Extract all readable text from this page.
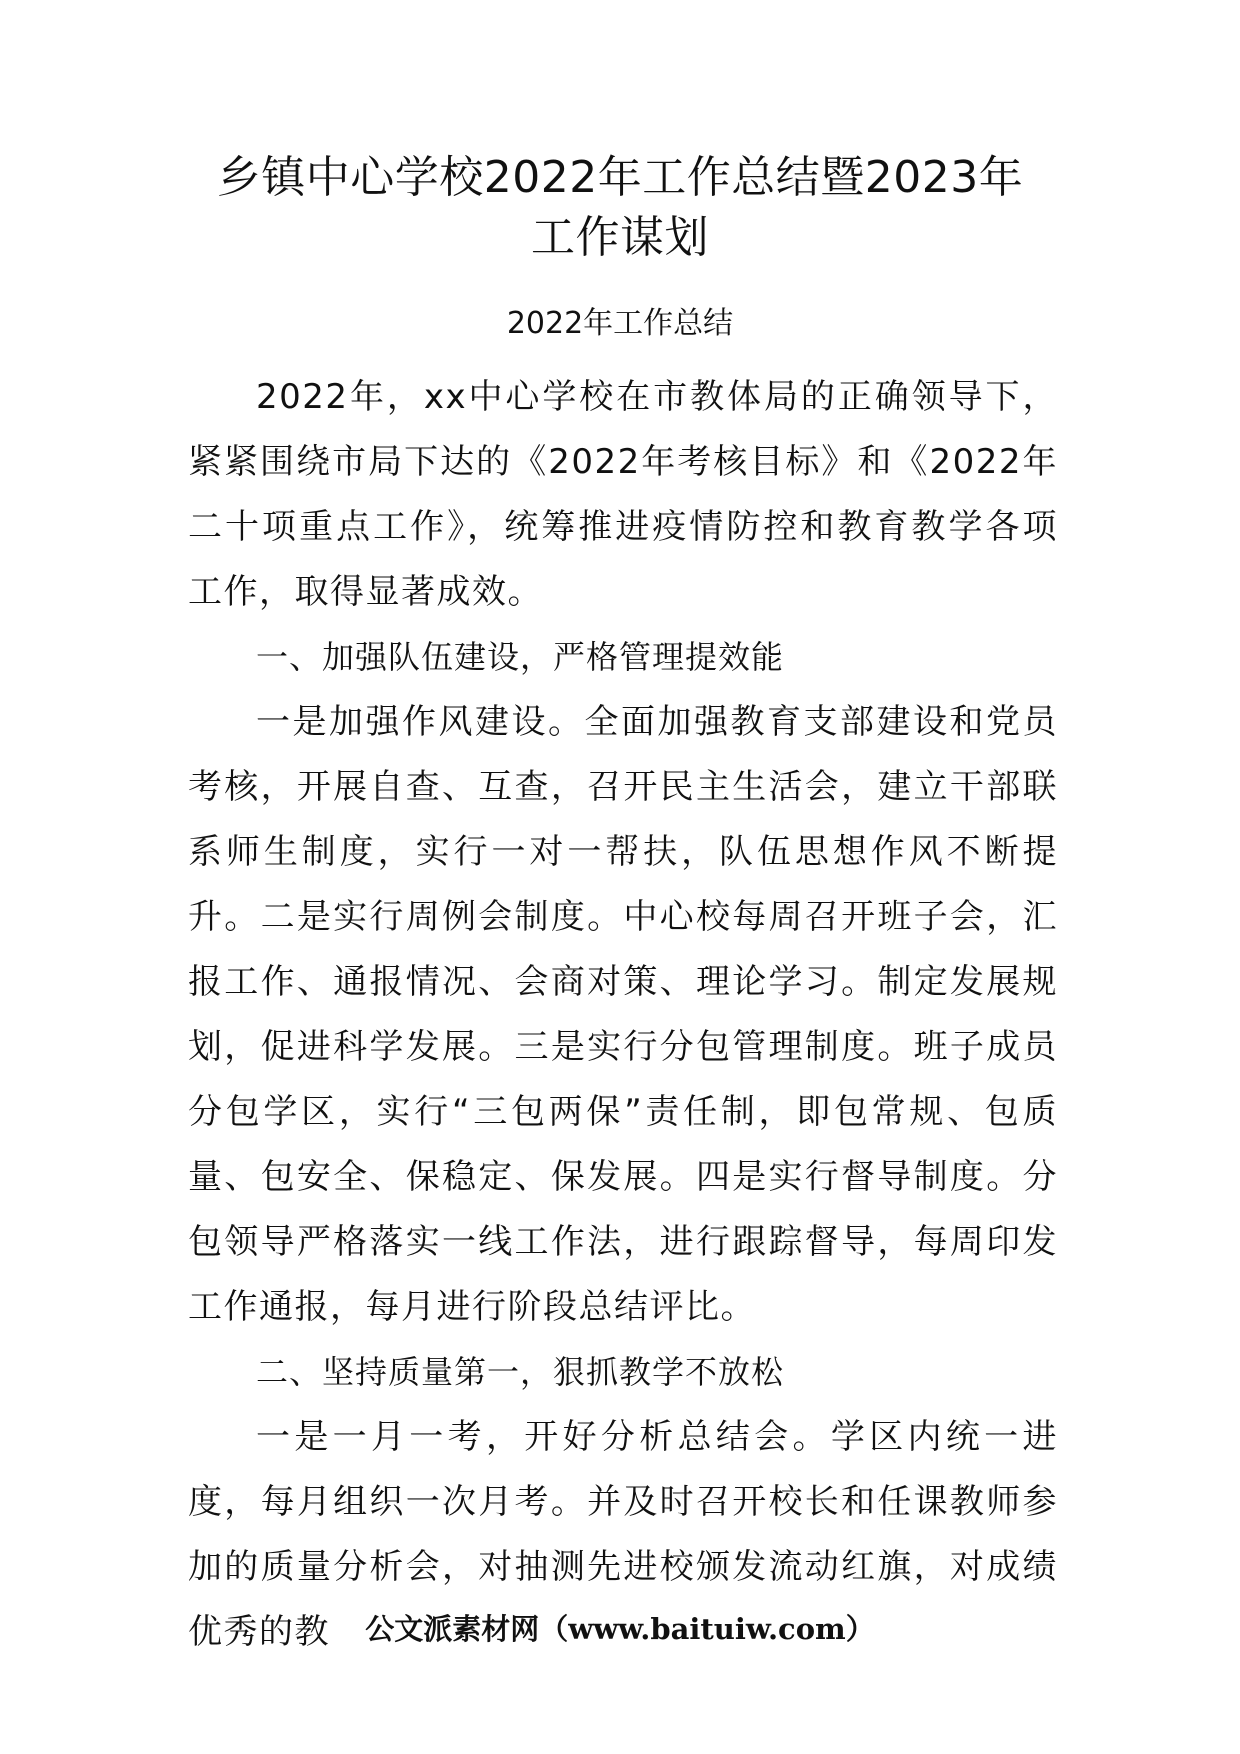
乡镇中心学校2022年工作总结暨2023年
工作谋划

2022年工作总结

2022年，xx中心学校在市教体局的正确领导下，紧紧围绕市局下达的《2022年考核目标》和《2022年二十项重点工作》，统筹推进疫情防控和教育教学各项工作，取得显著成效。

一、加强队伍建设，严格管理提效能

一是加强作风建设。全面加强教育支部建设和党员考核，开展自查、互查，召开民主生活会，建立干部联系师生制度，实行一对一帮扶，队伍思想作风不断提升。二是实行周例会制度。中心校每周召开班子会，汇报工作、通报情况、会商对策、理论学习。制定发展规划，促进科学发展。三是实行分包管理制度。班子成员分包学区，实行“三包两保”责任制，即包常规、包质量、包安全、保稳定、保发展。四是实行督导制度。分包领导严格落实一线工作法，进行跟踪督导，每周印发工作通报，每月进行阶段总结评比。

二、坚持质量第一，狠抓教学不放松

一是一月一考，开好分析总结会。学区内统一进度，每月组织一次月考。并及时召开校长和任课教师参加的质量分析会，对抽测先进校颁发流动红旗，对成绩优秀的教	公文派素材网（www.baituiw.com）
